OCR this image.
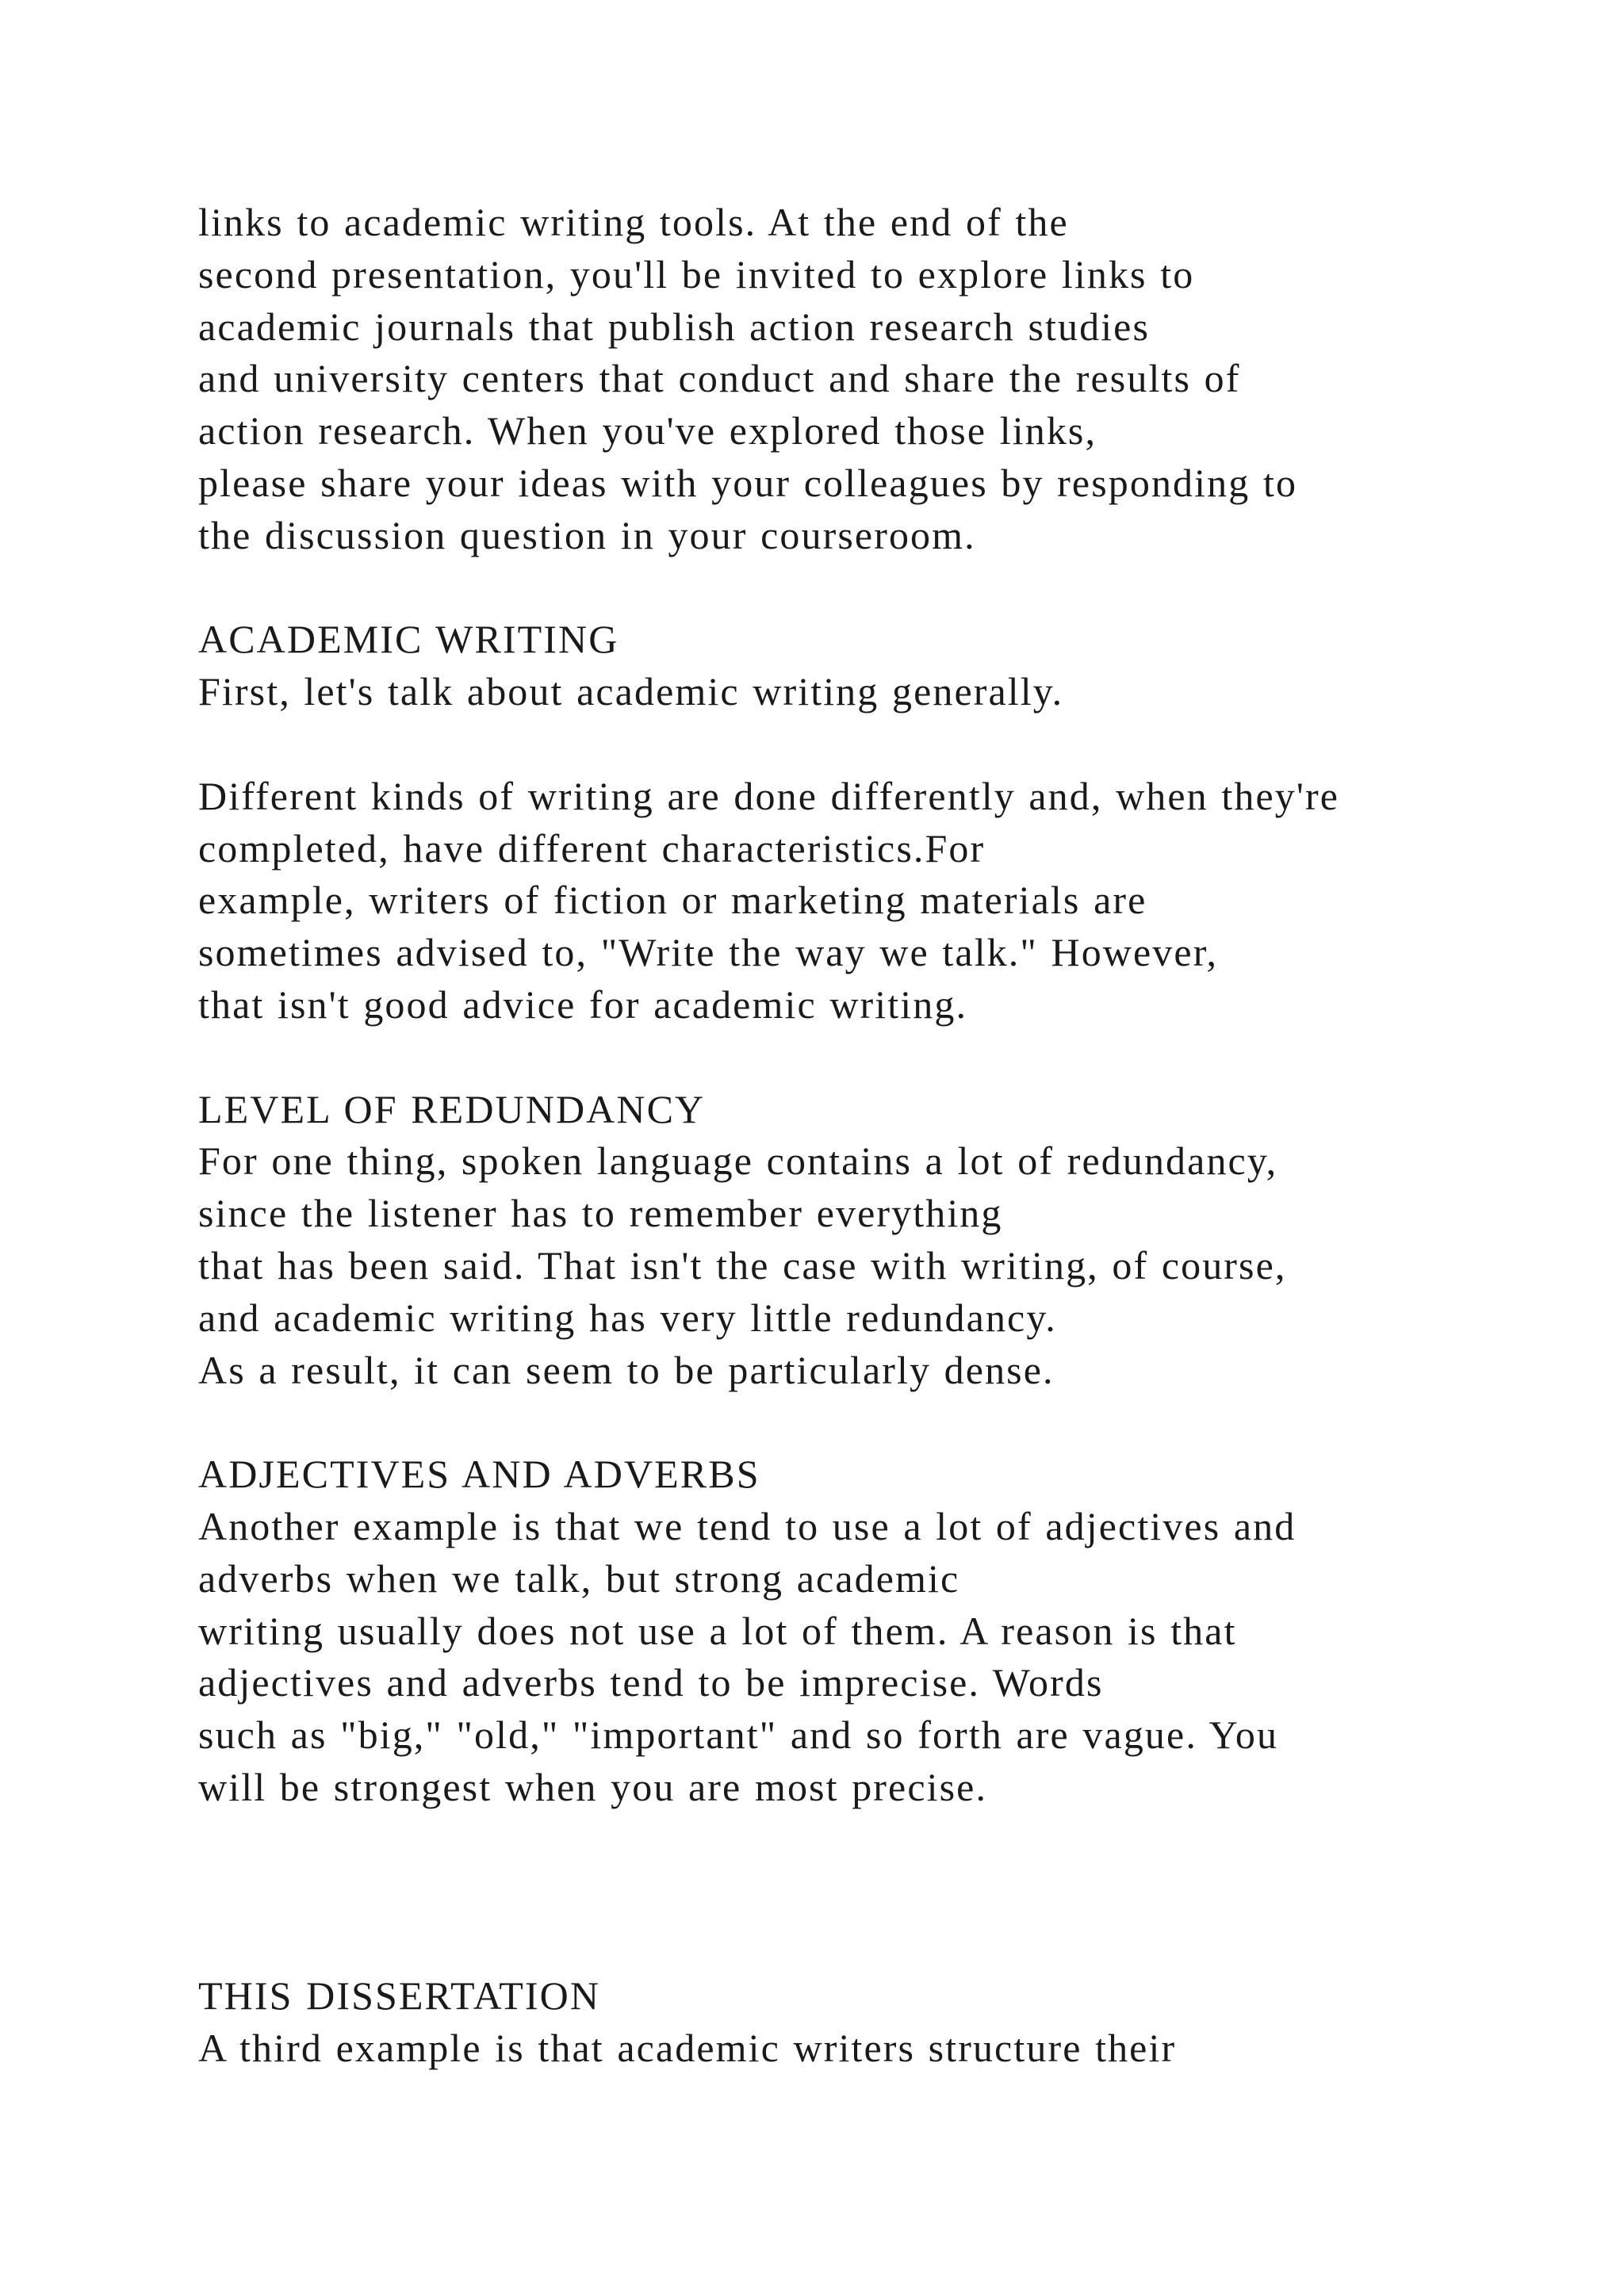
links to academic writing tools. At the end of the
second presentation, you'll be invited to explore links to
academic journals that publish action research studies
and university centers that conduct and share the results of
action research. When you've explored those links,
please share your ideas with your colleagues by responding to
the discussion question in your courseroom.
ACADEMIC WRITING
First, let's talk about academic writing generally.
Different kinds of writing are done differently and, when they're
completed, have different characteristics.For
example, writers of fiction or marketing materials are
sometimes advised to, "Write the way we talk." However,
that isn't good advice for academic writing.
LEVEL OF REDUNDANCY
For one thing, spoken language contains a lot of redundancy,
since the listener has to remember everything
that has been said. That isn't the case with writing, of course,
and academic writing has very little redundancy.
As a result, it can seem to be particularly dense.
ADJECTIVES AND ADVERBS
Another example is that we tend to use a lot of adjectives and
adverbs when we talk, but strong academic
writing usually does not use a lot of them. A reason is that
adjectives and adverbs tend to be imprecise. Words
such as "big," "old," "important" and so forth are vague. You
will be strongest when you are most precise.
THIS DISSERTATION
A third example is that academic writers structure their
